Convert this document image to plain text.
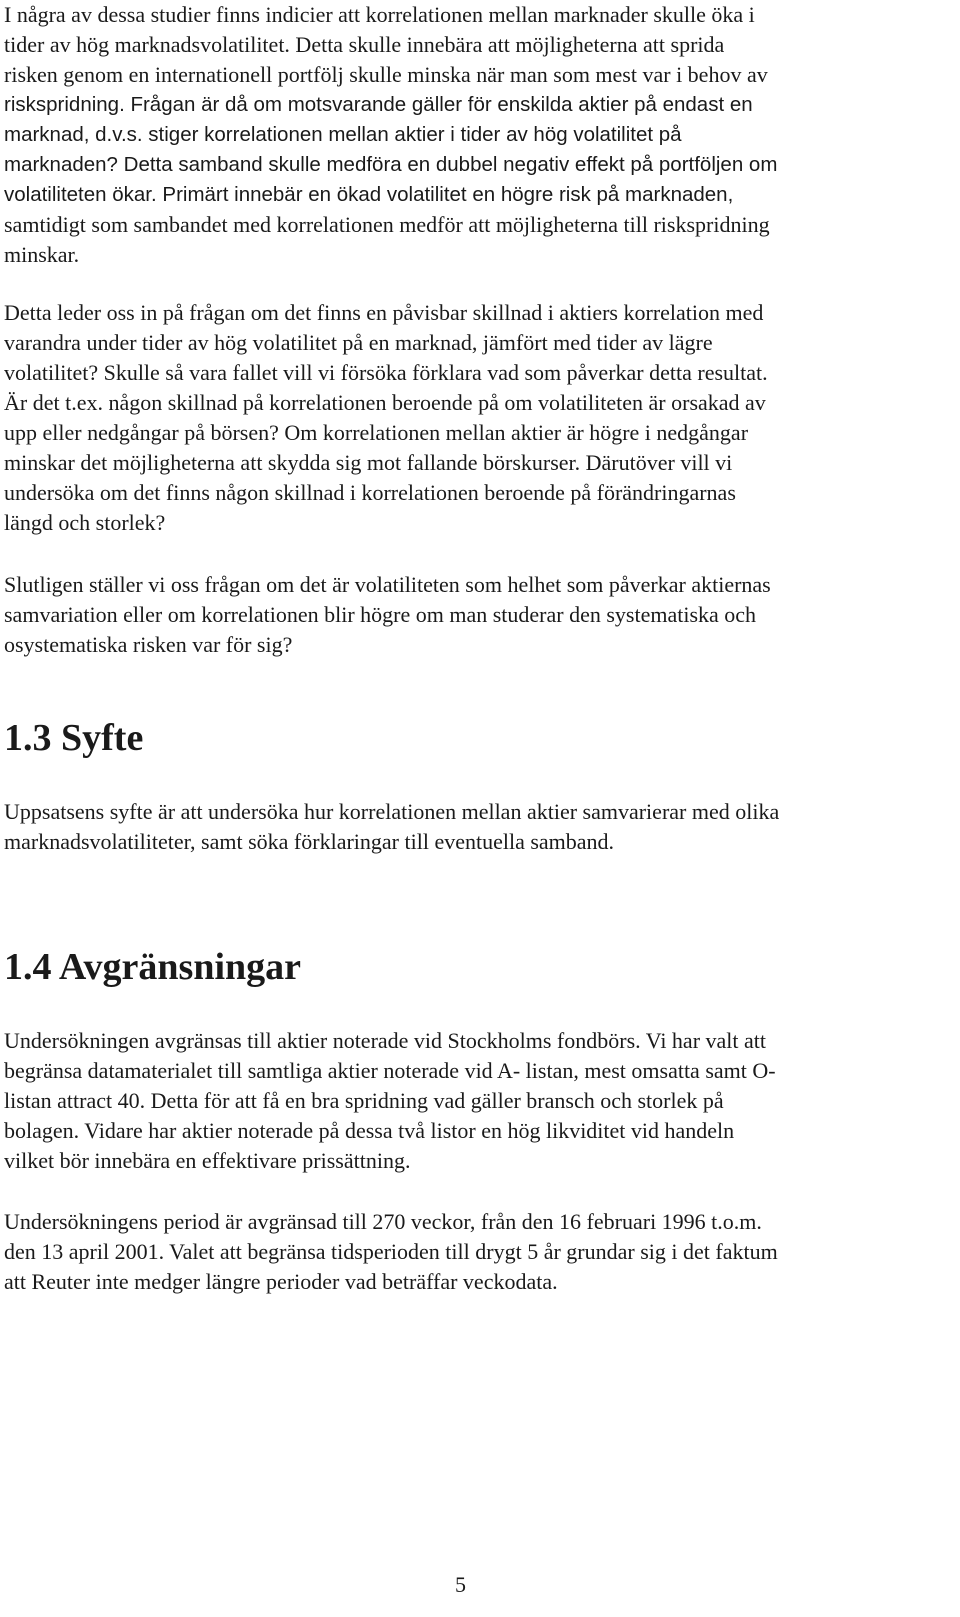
I några av dessa studier finns indicier att korrelationen mellan marknader skulle öka i
tider av hög marknadsvolatilitet. Detta skulle innebära att möjligheterna att sprida
risken genom en internationell portfölj skulle minska när man som mest var i behov av
riskspridning. Frågan är då om motsvarande gäller för enskilda aktier på endast en
marknad, d.v.s. stiger korrelationen mellan aktier i tider av hög volatilitet på
marknaden? Detta samband skulle medföra en dubbel negativ effekt på portföljen om
volatiliteten ökar. Primärt innebär en ökad volatilitet en högre risk på marknaden,
samtidigt som sambandet med korrelationen medför att möjligheterna till riskspridning
minskar.

Detta leder oss in på frågan om det finns en påvisbar skillnad i aktiers korrelation med
varandra under tider av hög volatilitet på en marknad, jämfört med tider av lägre
volatilitet? Skulle så vara fallet vill vi försöka förklara vad som påverkar detta resultat.
Är det t.ex. någon skillnad på korrelationen beroende på om volatiliteten är orsakad av
upp eller nedgångar på börsen? Om korrelationen mellan aktier är högre i nedgångar
minskar det möjligheterna att skydda sig mot fallande börskurser. Därutöver vill vi
undersöka om det finns någon skillnad i korrelationen beroende på förändringarnas
längd och storlek?

Slutligen ställer vi oss frågan om det är volatiliteten som helhet som påverkar aktiernas
samvariation eller om korrelationen blir högre om man studerar den systematiska och
osystematiska risken var för sig?

1.3 Syfte

Uppsatsens syfte är att undersöka hur korrelationen mellan aktier samvarierar med olika
marknadsvolatiliteter, samt söka förklaringar till eventuella samband.

1.4 Avgränsningar

Undersökningen avgränsas till aktier noterade vid Stockholms fondbörs. Vi har valt att
begränsa datamaterialet till samtliga aktier noterade vid A- listan, mest omsatta samt O-
listan attract 40. Detta för att få en bra spridning vad gäller bransch och storlek på
bolagen. Vidare har aktier noterade på dessa två listor en hög likviditet vid handeln
vilket bör innebära en effektivare prissättning.

Undersökningens period är avgränsad till 270 veckor, från den 16 februari 1996 t.o.m.
den 13 april 2001. Valet att begränsa tidsperioden till drygt 5 år grundar sig i det faktum
att Reuter inte medger längre perioder vad beträffar veckodata.

5
